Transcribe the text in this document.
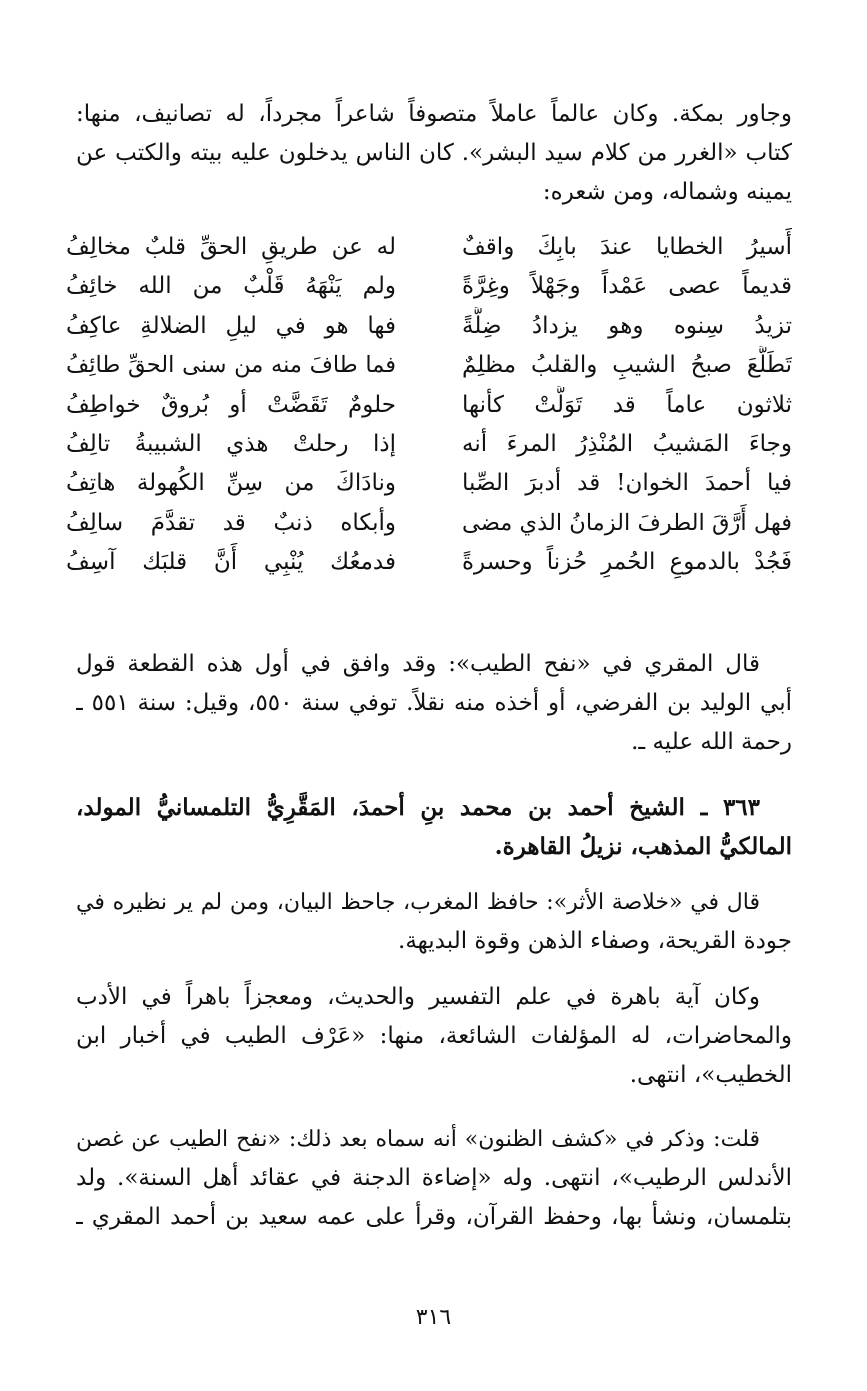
وجاور بمكة. وكان عالماً عاملاً متصوفاً شاعراً مجرداً، له تصانيف، منها:
كتاب «الغرر من كلام سيد البشر». كان الناس يدخلون عليه بيته والكتب عن
يمينه وشماله، ومن شعره:
أَسيرُ الخطايا عندَ بابِكَ واقفٌ
له عن طريقِ الحقِّ قلبٌ مخالِفُ
قديماً عصى عَمْداً وجَهْلاً وغِرَّةً
ولم يَنْهَهُ قَلْبٌ من الله خائِفُ
تزيدُ سِنوه وهو يزدادُ ضِلَّةً
فها هو في ليلِ الضلالةِ عاكِفُ
تَطَلَّعَ صبحُ الشيبِ والقلبُ مظلِمٌ
فما طافَ منه من سنى الحقِّ طائِفُ
ثلاثون عاماً قد تَوَلَّتْ كأنها
حلومٌ تَقَضَّتْ أو بُروقٌ خواطِفُ
وجاءَ المَشيبُ المُنْذِرُ المرءَ أنه
إذا رحلتْ هذي الشبيبةُ تالِفُ
فيا أحمدَ الخوان! قد أدبرَ الصِّبا
ونادَاكَ من سِنِّ الكُهولة هاتِفُ
فهل أَرَّقَ الطرفَ الزمانُ الذي مضى
وأبكاه ذنبٌ قد تقدَّمَ سالِفُ
فَجُدْ بالدموعِ الحُمرِ حُزناً وحسرةً
فدمعُك يُنْبِي أَنَّ قلبَك آسِفُ
قال المقري في «نفح الطيب»: وقد وافق في أول هذه القطعة قول
أبي الوليد بن الفرضي، أو أخذه منه نقلاً. توفي سنة ٥٥٠، وقيل: سنة ٥٥١ ـ
رحمة الله عليه ـ.
٣٦٣ ـ الشيخ أحمد بن محمد بنِ أحمدَ، المَقَّرِيُّ التلمسانيُّ المولد،
المالكيُّ المذهب، نزيلُ القاهرة.
قال في «خلاصة الأثر»: حافظ المغرب، جاحظ البيان، ومن لم ير نظيره في
جودة القريحة، وصفاء الذهن وقوة البديهة.
وكان آية باهرة في علم التفسير والحديث، ومعجزاً باهراً في الأدب
والمحاضرات، له المؤلفات الشائعة، منها: «عَرْف الطيب في أخبار ابن
الخطيب»، انتهى.
قلت: وذكر في «كشف الظنون» أنه سماه بعد ذلك: «نفح الطيب عن غصن
الأندلس الرطيب»، انتهى. وله «إضاءة الدجنة في عقائد أهل السنة». ولد
بتلمسان، ونشأ بها، وحفظ القرآن، وقرأ على عمه سعيد بن أحمد المقري ـ
٣١٦
